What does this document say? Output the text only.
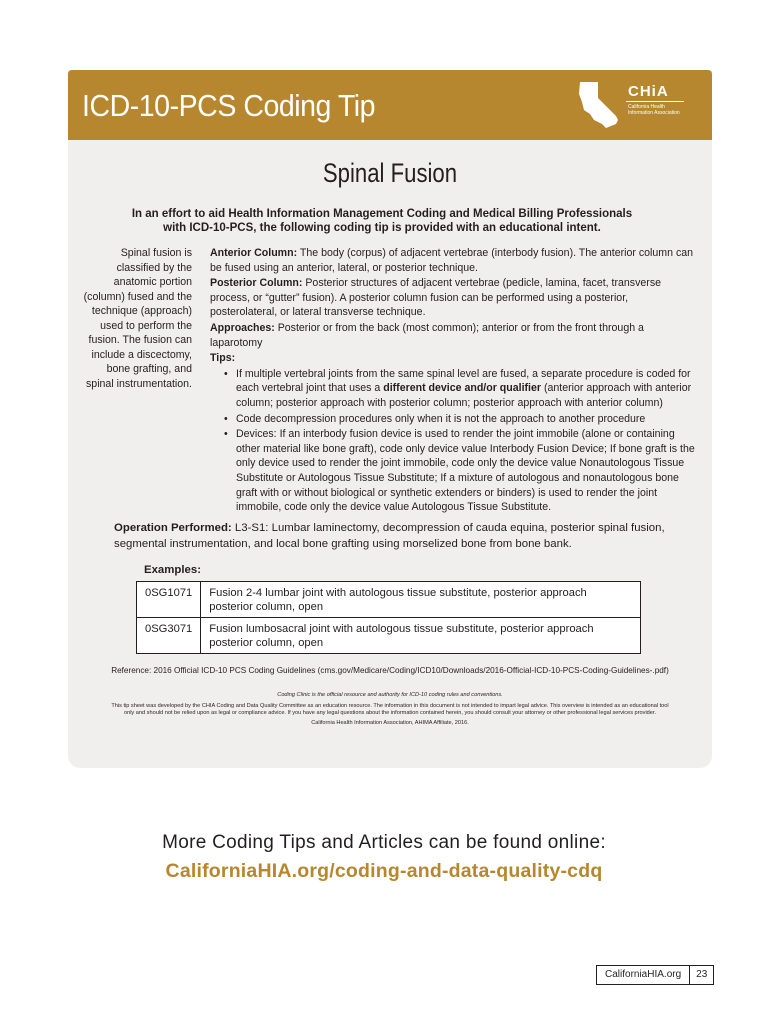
ICD-10-PCS Coding Tip	CHiA
California Health Information Association
Spinal Fusion
In an effort to aid Health Information Management Coding and Medical Billing Professionals
with ICD-10-PCS, the following coding tip is provided with an educational intent.
Spinal fusion is classified by the anatomic portion (column) fused and the technique (approach) used to perform the fusion. The fusion can include a discectomy, bone grafting, and spinal instrumentation.

Anterior Column: The body (corpus) of adjacent vertebrae (interbody fusion). The anterior column can be fused using an anterior, lateral, or posterior technique.

Posterior Column: Posterior structures of adjacent vertebrae (pedicle, lamina, facet, transverse process, or “gutter” fusion). A posterior column fusion can be performed using a posterior, posterolateral, or lateral transverse technique.

Approaches: Posterior or from the back (most common); anterior or from the front through a laparotomy

Tips:

• If multiple vertebral joints from the same spinal level are fused, a separate procedure is coded for each vertebral joint that uses a different device and/or qualifier (anterior approach with anterior column; posterior approach with posterior column; posterior approach with anterior column)
• Code decompression procedures only when it is not the approach to another procedure
• Devices: If an interbody fusion device is used to render the joint immobile (alone or containing other material like bone graft), code only device value Interbody Fusion Device; If bone graft is the only device used to render the joint immobile, code only the device value Nonautologous Tissue Substitute or Autologous Tissue Substitute; If a mixture of autologous and nonautologous bone graft with or without biological or synthetic extenders or binders) is used to render the joint immobile, code only the device value Autologous Tissue Substitute.
Operation Performed: L3-S1: Lumbar laminectomy, decompression of cauda equina, posterior spinal fusion, segmental instrumentation, and local bone grafting using morselized bone from bone bank.
Examples:
0SG1071	Fusion 2-4 lumbar joint with autologous tissue substitute, posterior approach
posterior column, open

0SG3071	Fusion lumbosacral joint with autologous tissue substitute, posterior approach
posterior column, open
Reference: 2016 Official ICD-10 PCS Coding Guidelines (cms.gov/Medicare/Coding/ICD10/Downloads/2016-Official-ICD-10-PCS-Coding-Guidelines-.pdf)
Coding Clinic is the official resource and authority for ICD-10 coding rules and conventions.
This tip sheet was developed by the CHIA Coding and Data Quality Committee as an education resource. The information in this document is not intended to impart legal advice. This overview is intended as an educational tool only and should not be relied upon as legal or compliance advice. If you have any legal questions about the information contained herein, you should consult your attorney or other professional legal services provider.
California Health Information Association, AHIMA Affiliate, 2016.
More Coding Tips and Articles can be found online:
CaliforniaHIA.org/coding-and-data-quality-cdq
CaliforniaHIA.org	23
